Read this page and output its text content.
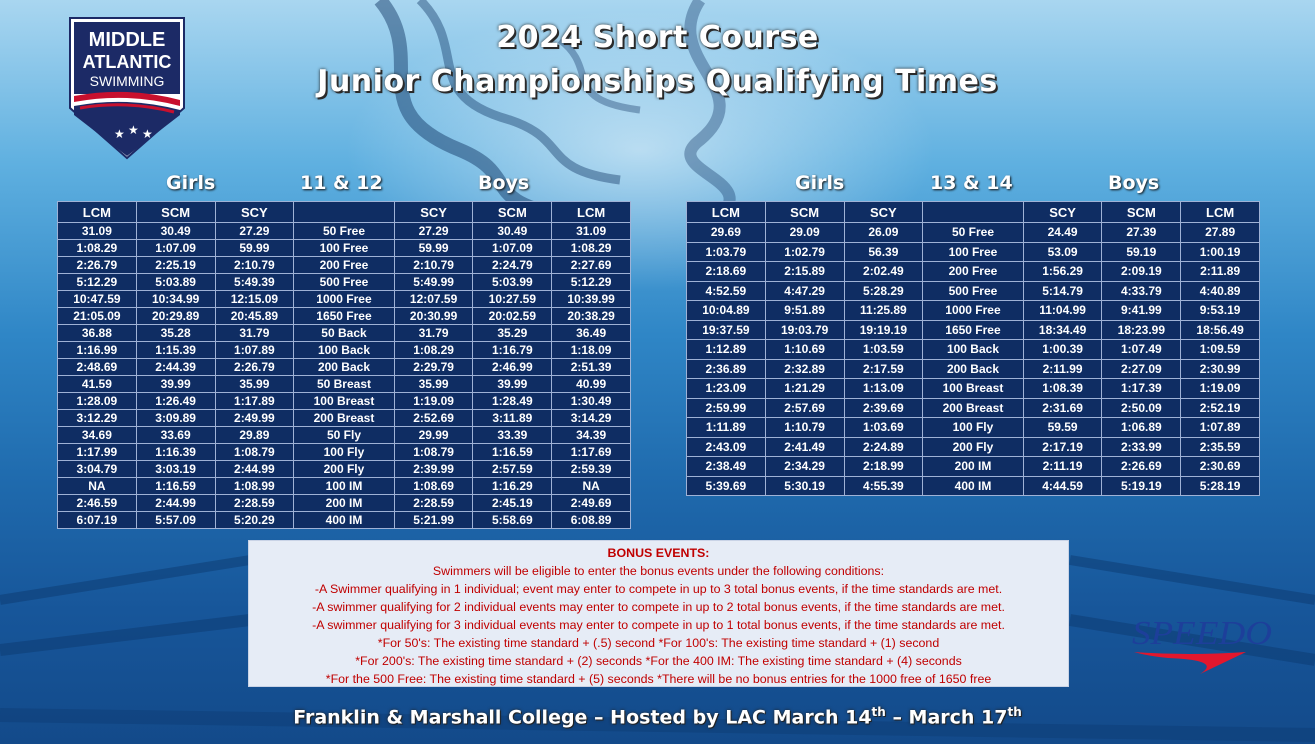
★ ★ ★
MIDDLE
ATLANTIC
SWIMMING
2024 Short Course
Junior Championships Qualifying Times
Girls	11 & 12	Boys	Girls	13 & 14	Boys
LCM	SCM	SCY		SCY	SCM	LCM
31.09	30.49	27.29	50 Free	27.29	30.49	31.09
1:08.29	1:07.09	59.99	100 Free	59.99	1:07.09	1:08.29
2:26.79	2:25.19	2:10.79	200 Free	2:10.79	2:24.79	2:27.69
5:12.29	5:03.89	5:49.39	500 Free	5:49.99	5:03.99	5:12.29
10:47.59	10:34.99	12:15.09	1000 Free	12:07.59	10:27.59	10:39.99
21:05.09	20:29.89	20:45.89	1650 Free	20:30.99	20:02.59	20:38.29
36.88	35.28	31.79	50 Back	31.79	35.29	36.49
1:16.99	1:15.39	1:07.89	100 Back	1:08.29	1:16.79	1:18.09
2:48.69	2:44.39	2:26.79	200 Back	2:29.79	2:46.99	2:51.39
41.59	39.99	35.99	50 Breast	35.99	39.99	40.99
1:28.09	1:26.49	1:17.89	100 Breast	1:19.09	1:28.49	1:30.49
3:12.29	3:09.89	2:49.99	200 Breast	2:52.69	3:11.89	3:14.29
34.69	33.69	29.89	50 Fly	29.99	33.39	34.39
1:17.99	1:16.39	1:08.79	100 Fly	1:08.79	1:16.59	1:17.69
3:04.79	3:03.19	2:44.99	200 Fly	2:39.99	2:57.59	2:59.39
NA	1:16.59	1:08.99	100 IM	1:08.69	1:16.29	NA
2:46.59	2:44.99	2:28.59	200 IM	2:28.59	2:45.19	2:49.69
6:07.19	5:57.09	5:20.29	400 IM	5:21.99	5:58.69	6:08.89
LCM	SCM	SCY		SCY	SCM	LCM
29.69	29.09	26.09	50 Free	24.49	27.39	27.89
1:03.79	1:02.79	56.39	100 Free	53.09	59.19	1:00.19
2:18.69	2:15.89	2:02.49	200 Free	1:56.29	2:09.19	2:11.89
4:52.59	4:47.29	5:28.29	500 Free	5:14.79	4:33.79	4:40.89
10:04.89	9:51.89	11:25.89	1000 Free	11:04.99	9:41.99	9:53.19
19:37.59	19:03.79	19:19.19	1650 Free	18:34.49	18:23.99	18:56.49
1:12.89	1:10.69	1:03.59	100 Back	1:00.39	1:07.49	1:09.59
2:36.89	2:32.89	2:17.59	200 Back	2:11.99	2:27.09	2:30.99
1:23.09	1:21.29	1:13.09	100 Breast	1:08.39	1:17.39	1:19.09
2:59.99	2:57.69	2:39.69	200 Breast	2:31.69	2:50.09	2:52.19
1:11.89	1:10.79	1:03.69	100 Fly	59.59	1:06.89	1:07.89
2:43.09	2:41.49	2:24.89	200 Fly	2:17.19	2:33.99	2:35.59
2:38.49	2:34.29	2:18.99	200 IM	2:11.19	2:26.69	2:30.69
5:39.69	5:30.19	4:55.39	400 IM	4:44.59	5:19.19	5:28.19
BONUS EVENTS:
Swimmers will be eligible to enter the bonus events under the following conditions:
-A Swimmer qualifying in 1 individual; event may enter to compete in up to 3 total bonus events, if the time standards are met.
-A swimmer qualifying for 2 individual events may enter to compete in up to 2 total bonus events, if the time standards are met.
-A swimmer qualifying for 3 individual events may enter to compete in up to 1 total bonus events, if the time standards are met.
*For 50's: The existing time standard + (.5) second *For 100's: The existing time standard + (1) second
*For 200's: The existing time standard + (2) seconds *For the 400 IM: The existing time standard + (4) seconds
*For the 500 Free: The existing time standard + (5) seconds *There will be no bonus entries for the 1000 free of 1650 free
SPEEDO
Franklin & Marshall College – Hosted by LAC March 14th – March 17th
